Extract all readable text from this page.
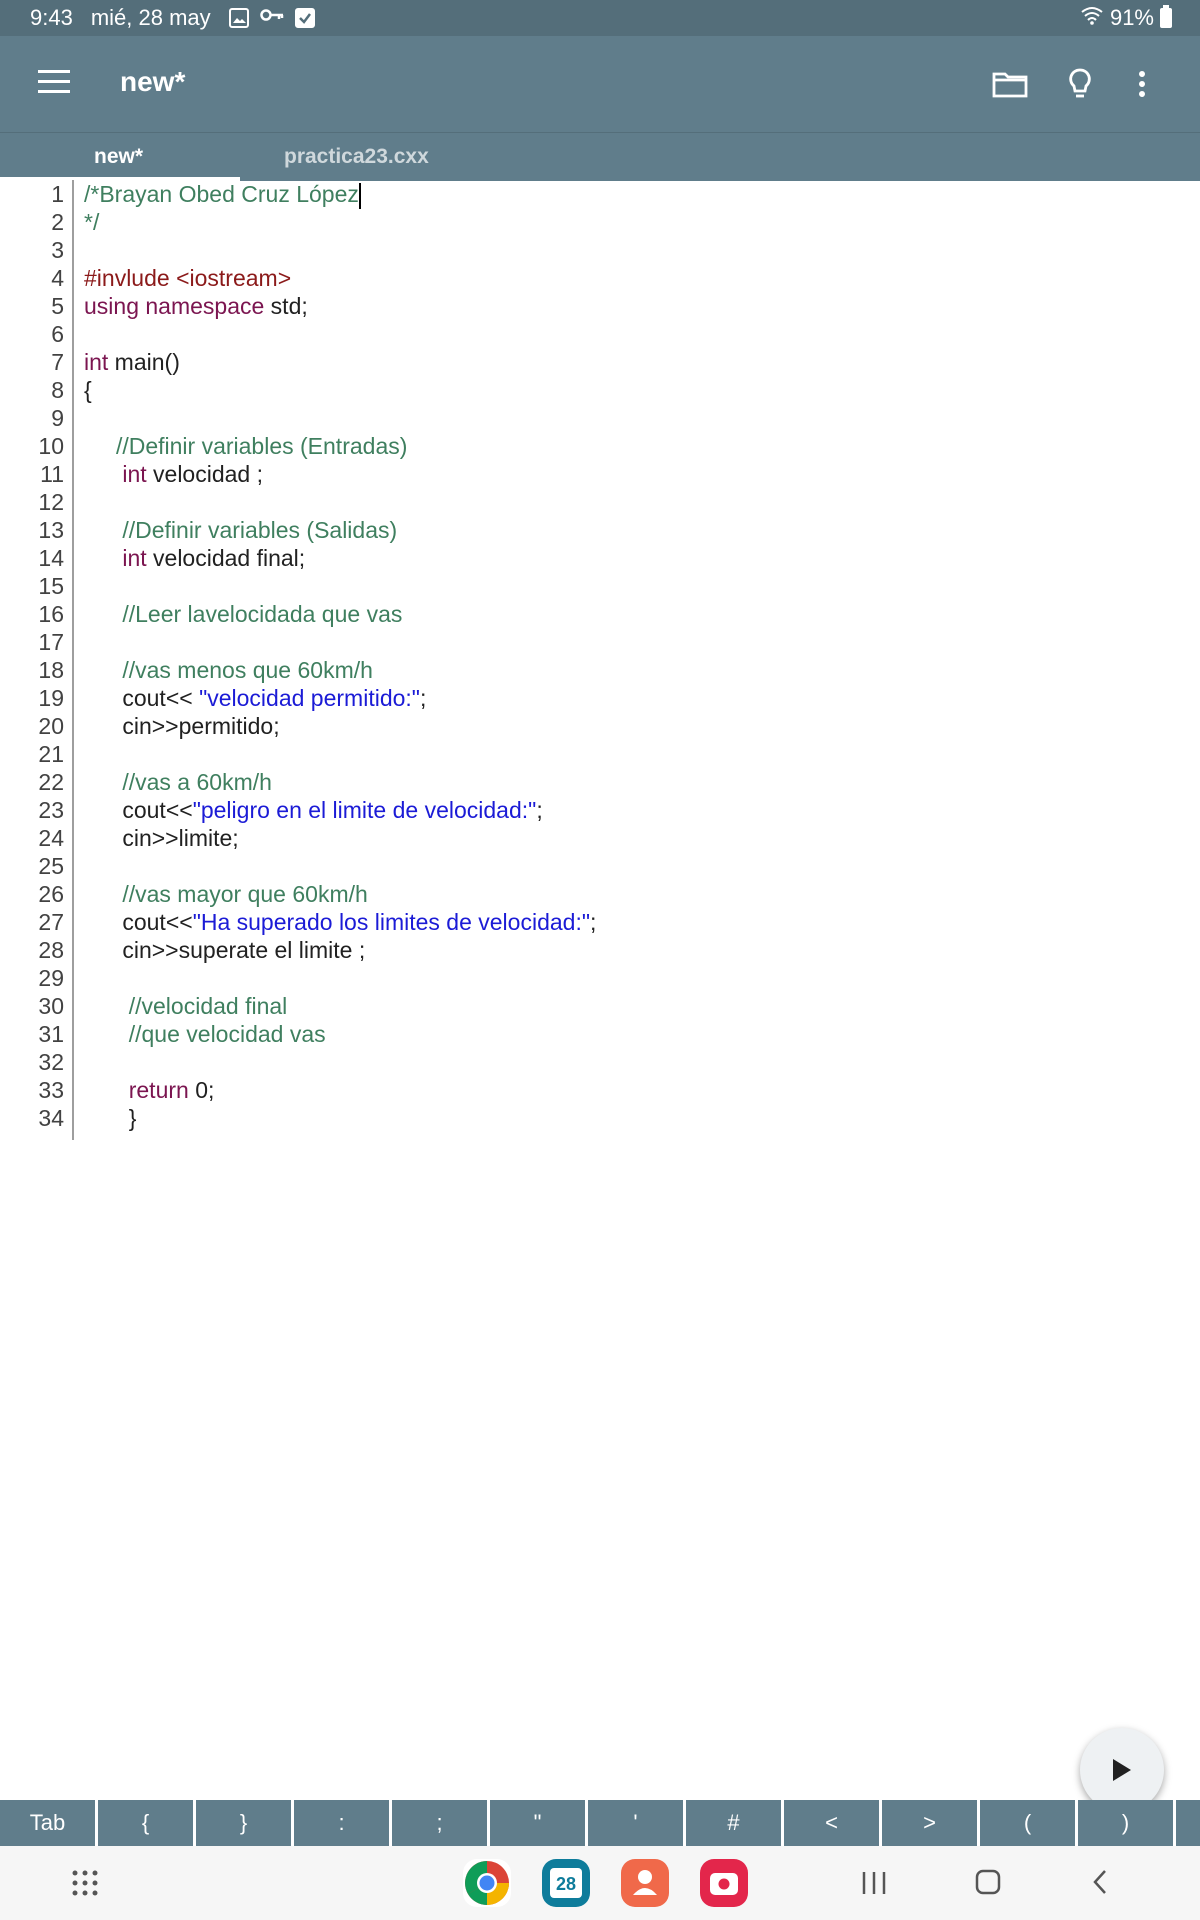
9:43 mié, 28 may	91%
new*
new*	practica23.cxx
1 /*Brayan Obed Cruz López
2 */
3
4 #invlude <iostream>
5 using namespace std;
6
7 int main()
8 {
9
10 //Definir variables (Entradas)
11 int velocidad ;
12
13 //Definir variables (Salidas)
14 int velocidad final;
15
16 //Leer lavelocidada que vas
17
18 //vas menos que 60km/h
19 cout<< "velocidad permitido:";
20 cin>>permitido;
21
22 //vas a 60km/h
23 cout<<"peligro en el limite de velocidad:";
24 cin>>limite;
25
26 //vas mayor que 60km/h
27 cout<<"Ha superado los limites de velocidad:";
28 cin>>superate el limite ;
29
30 //velocidad final
31 //que velocidad vas
32
33 return 0;
34 }
Tab	{	}	:	;	"	'	#	<	>	(	)
28
